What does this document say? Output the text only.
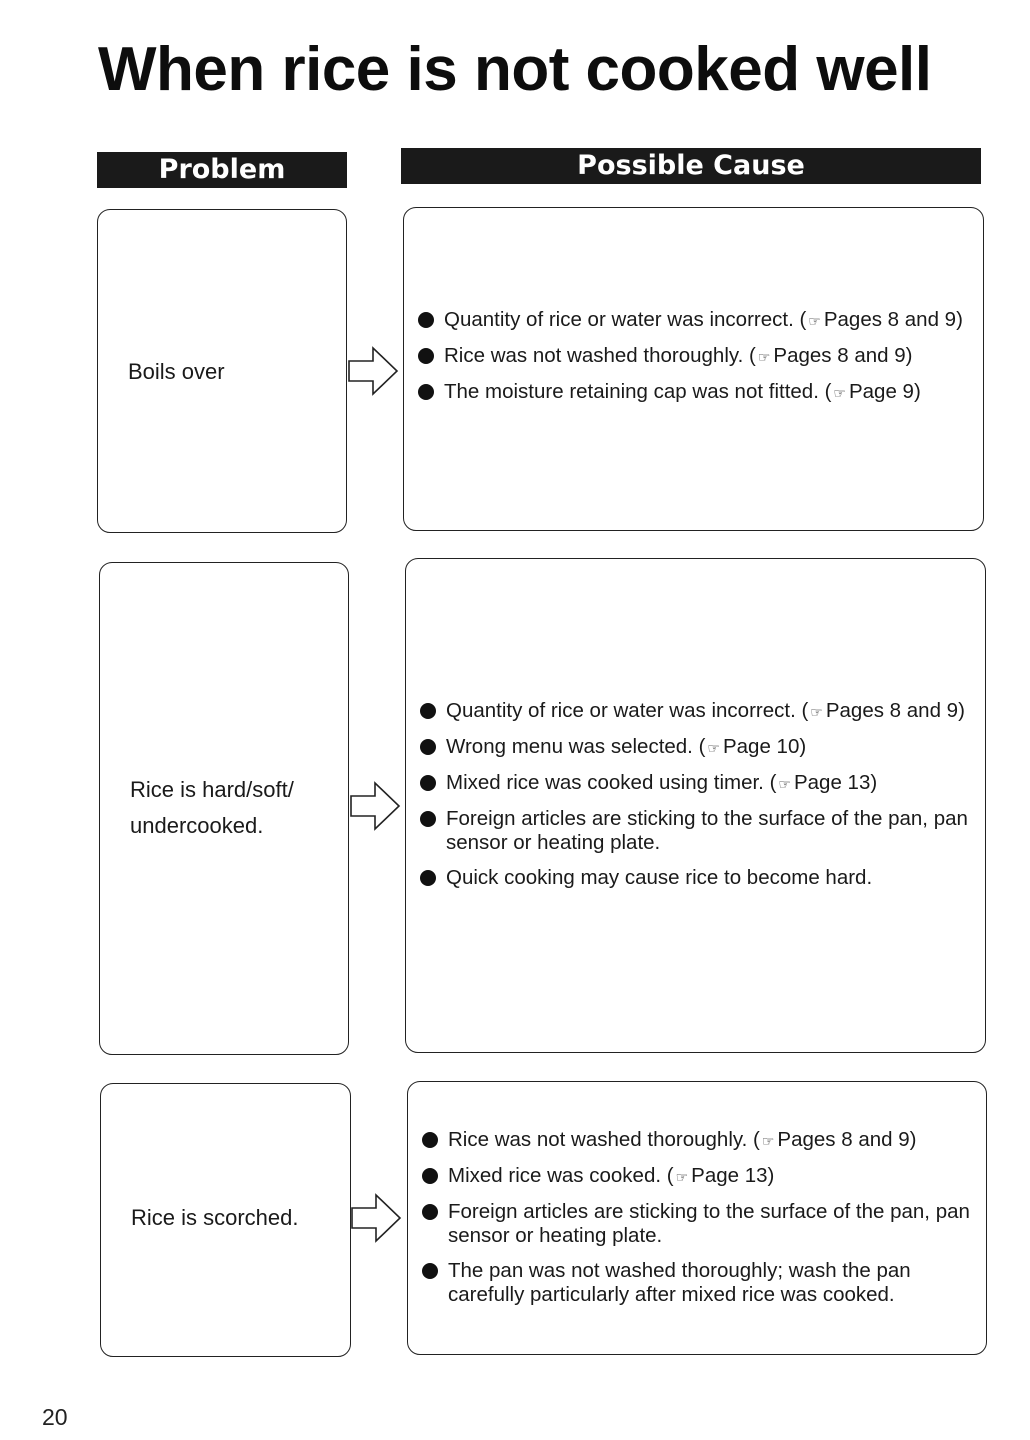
When rice is not cooked well
Problem	Possible Cause
Boils over
Quantity of rice or water was incorrect. ( ☞ Pages 8 and 9)
Rice was not washed thoroughly. ( ☞ Pages 8 and 9)
The moisture retaining cap was not fitted. ( ☞ Page 9)
Rice is hard/soft/
undercooked.
Quantity of rice or water was incorrect. ( ☞ Pages 8 and 9)
Wrong menu was selected. ( ☞ Page 10)
Mixed rice was cooked using timer. ( ☞ Page 13)
Foreign articles are sticking to the surface of the pan, pan sensor or heating plate.
Quick cooking may cause rice to become hard.
Rice is scorched.
Rice was not washed thoroughly. ( ☞ Pages 8 and 9)
Mixed rice was cooked. ( ☞ Page 13)
Foreign articles are sticking to the surface of the pan, pan sensor or heating plate.
The pan was not washed thoroughly; wash the pan carefully particularly after mixed rice was cooked.
20
